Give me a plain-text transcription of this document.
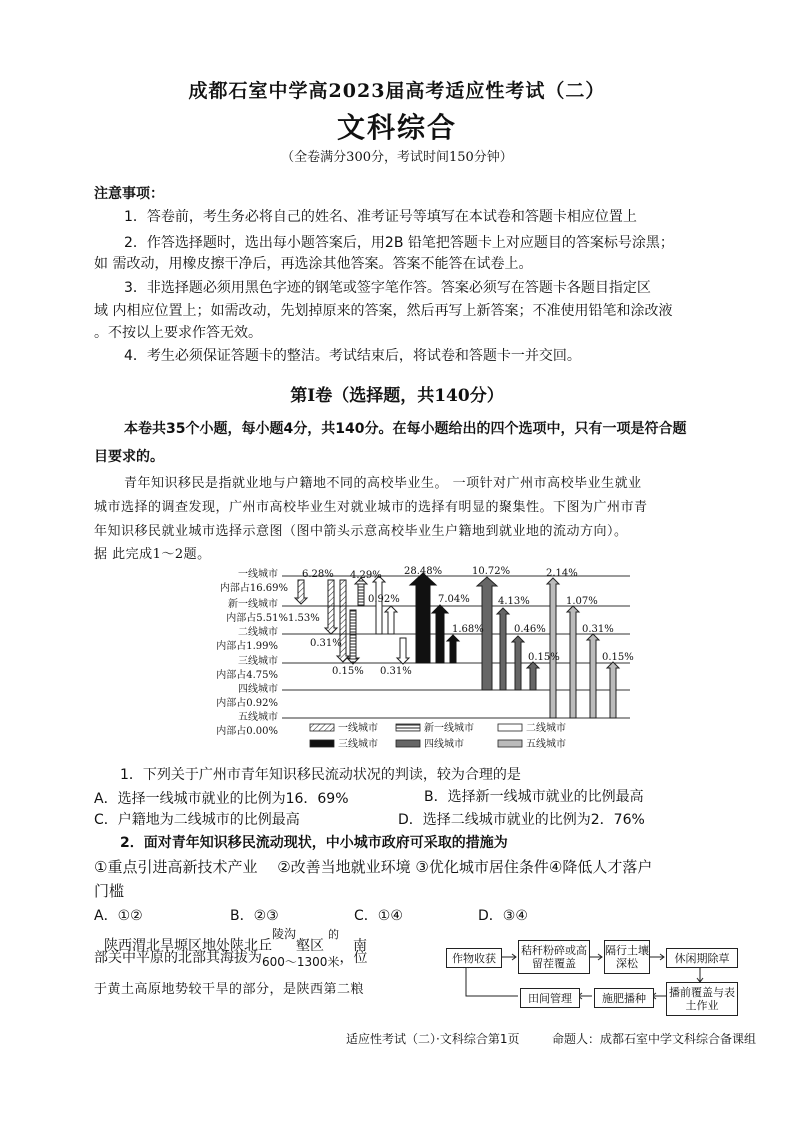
成都石室中学高2023届高考适应性考试（二）
文科综合
（全卷满分300分，考试时间150分钟）
注意事项：
1．答卷前，考生务必将自己的姓名、准考证号等填写在本试卷和答题卡相应位置上
2．作答选择题时，选出每小题答案后，用2B 铅笔把答题卡上对应题目的答案标号涂黑；
如 需改动，用橡皮擦干净后，再选涂其他答案。答案不能答在试卷上。
3．非选择题必须用黑色字迹的钢笔或签字笔作答。答案必须写在答题卡各题目指定区
域 内相应位置上；如需改动，先划掉原来的答案，然后再写上新答案；不准使用铅笔和涂改液
。不按以上要求作答无效。
4．考生必须保证答题卡的整洁。考试结束后，将试卷和答题卡一并交回。
第Ⅰ卷（选择题，共140分）
本卷共35个小题，每小题4分，共140分。在每小题给出的四个选项中，只有一项是符合题
目要求的。
青年知识移民是指就业地与户籍地不同的高校毕业生。 一项针对广州市高校毕业生就业
城市选择的调查发现，广州市高校毕业生对就业城市的选择有明显的聚集性。下图为广州市青
年知识移民就业城市选择示意图（图中箭头示意高校毕业生户籍地到就业地的流动方向）。
据 此完成1～2题。
一线城市
内部占16.69%
新一线城市
内部占5.51%
二线城市
内部占1.99%
三线城市
内部占4.75%
四线城市
内部占0.92%
五线城市
内部占0.00%
6.28%
1.53%
0.31%
0.15%
4.29%
0.92%
0.31%
28.48%
7.04%
1.68%
10.72%
4.13%
0.46%
0.15%
2.14%
1.07%
0.31%
0.15%
一线城市	新一线城市	二线城市
三线城市	四线城市	五线城市
1．下列关于广州市青年知识移民流动状况的判读，较为合理的是
A．选择一线城市就业的比例为16．69%	B．选择新一线城市就业的比例最高
C．户籍地为二线城市的比例最高	D．选择二线城市就业的比例为2．76%
2．面对青年知识移民流动现状，中小城市政府可采取的措施为
①重点引进高新技术产业 　②改善当地就业环境 ③优化城市居住条件④降低人才落户
门槛
A．①②	B．②③	C．①④	D．③④
陕西渭北旱塬区地处陕北丘陵沟壑区$^的$南
部关中平原的北部其海拔为600～1300米，位
于黄土高原地势较干旱的部分，是陕西第二粮
作物收获
秸秆粉碎或高留茬覆盖
隔行土壤深松	休闲期除草
播前覆盖与表土作业
施肥播种
田间管理
适应性考试（二）·文科综合第1页	命题人：成都石室中学文科综合备课组
